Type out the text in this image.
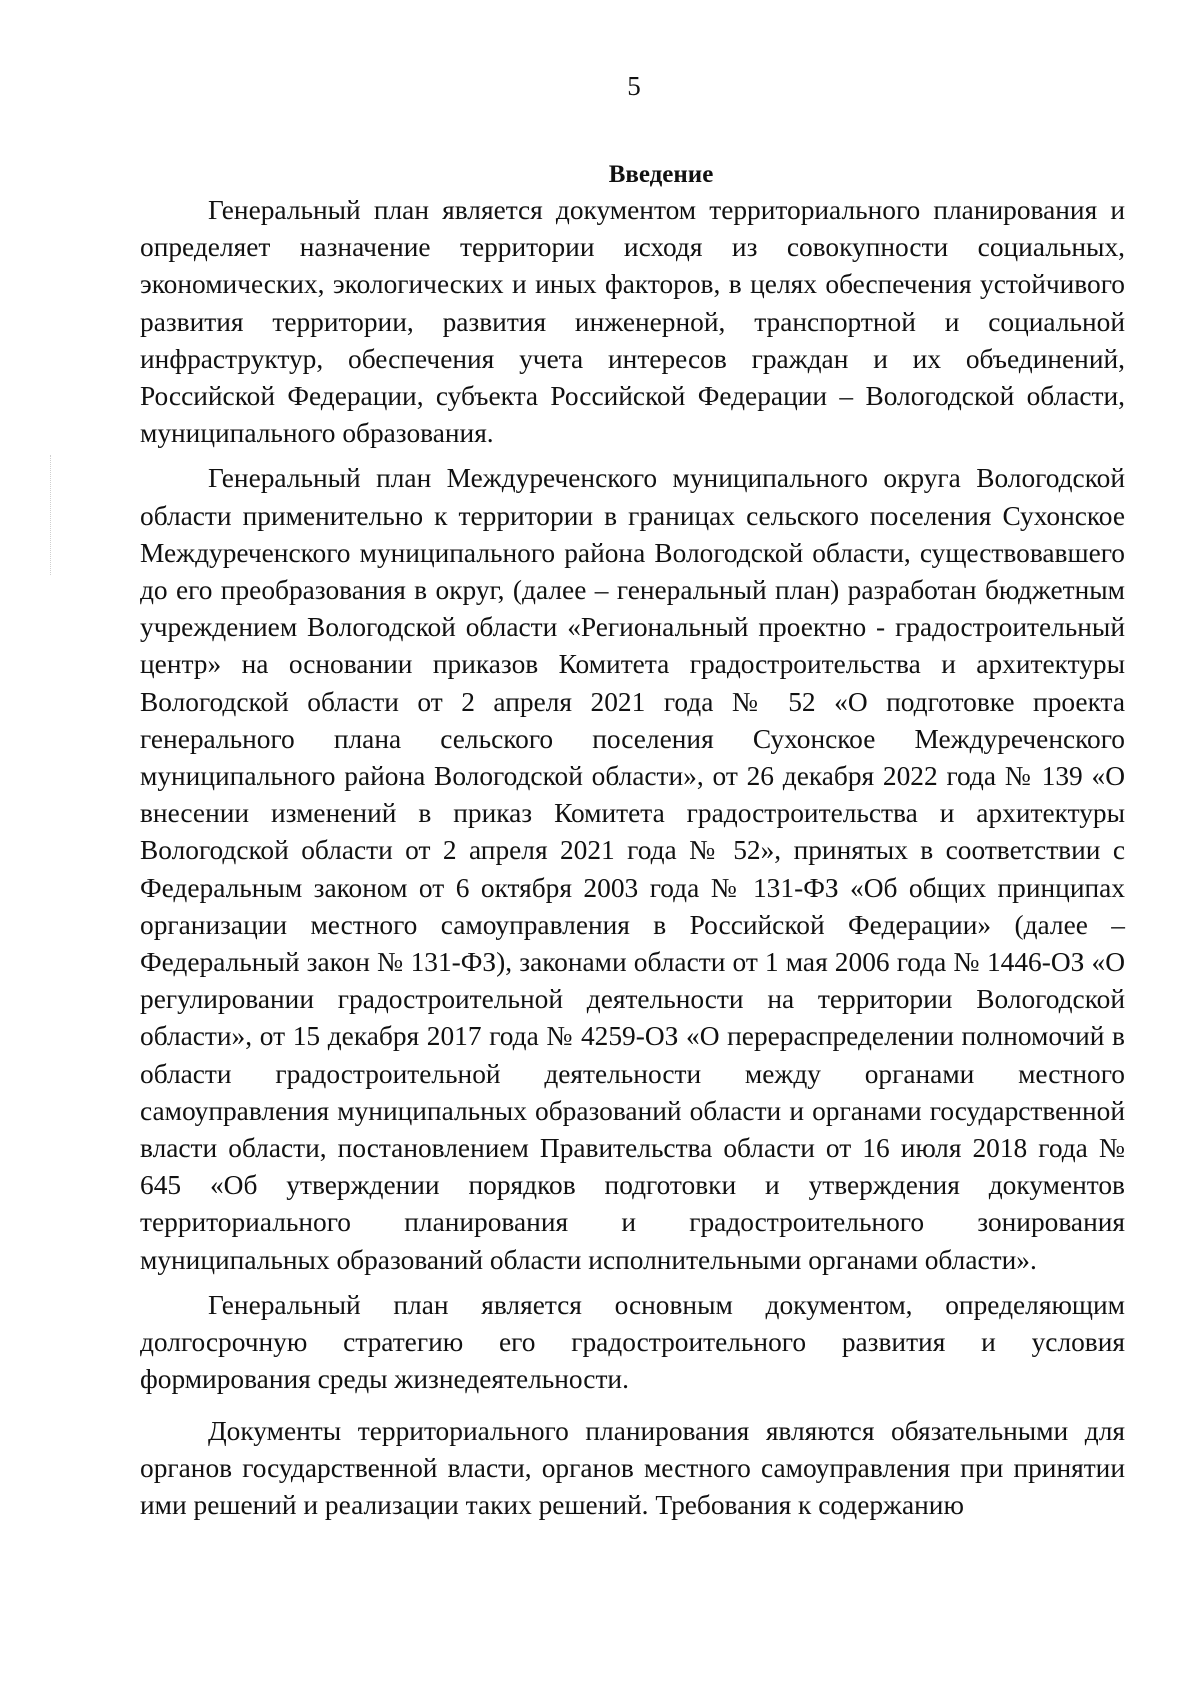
5
Введение

Генеральный план является документом территориального планирования и определяет назначение территории исходя из совокупности социальных, экономических, экологических и иных факторов, в целях обеспечения устойчивого развития территории, развития инженерной, транспортной и социальной инфраструктур, обеспечения учета интересов граждан и их объединений, Российской Федерации, субъекта Российской Федерации – Вологодской области, муниципального образования.

Генеральный план Междуреченского муниципального округа Вологодской области применительно к территории в границах сельского поселения Сухонское Междуреченского муниципального района Вологодской области, существовавшего до его преобразования в округ, (далее – генеральный план) разработан бюджетным учреждением Вологодской области «Региональный проектно - градостроительный центр» на основании приказов Комитета градостроительства и архитектуры Вологодской области от 2 апреля 2021 года № 52 «О подготовке проекта генерального плана сельского поселения Сухонское Междуреченского муниципального района Вологодской области», от 26 декабря 2022 года № 139 «О внесении изменений в приказ Комитета градостроительства и архитектуры Вологодской области от 2 апреля 2021 года № 52», принятых в соответствии с Федеральным законом от 6 октября 2003 года № 131-ФЗ «Об общих принципах организации местного самоуправления в Российской Федерации» (далее – Федеральный закон № 131-ФЗ), законами области от 1 мая 2006 года № 1446-ОЗ «О регулировании градостроительной деятельности на территории Вологодской области», от 15 декабря 2017 года № 4259-ОЗ «О перераспределении полномочий в области градостроительной деятельности между органами местного самоуправления муниципальных образований области и органами государственной власти области, постановлением Правительства области от 16 июля 2018 года № 645 «Об утверждении порядков подготовки и утверждения документов территориального планирования и градостроительного зонирования муниципальных образований области исполнительными органами области».

Генеральный план является основным документом, определяющим долгосрочную стратегию его градостроительного развития и условия формирования среды жизнедеятельности.

Документы территориального планирования являются обязательными для органов государственной власти, органов местного самоуправления при принятии ими решений и реализации таких решений. Требования к содержанию
